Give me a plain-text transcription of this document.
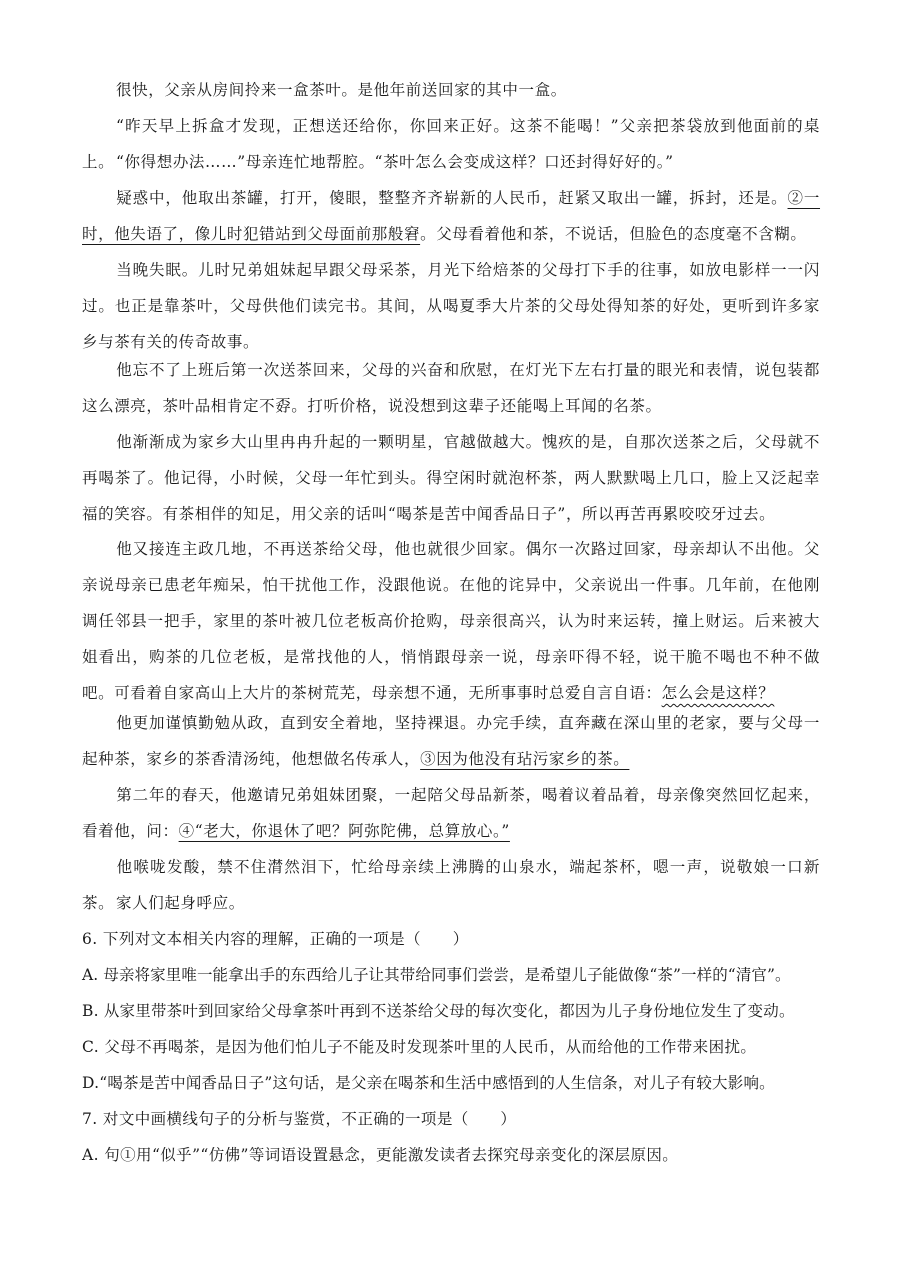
很快，父亲从房间拎来一盒茶叶。是他年前送回家的其中一盒。

“昨天早上拆盒才发现，正想送还给你，你回来正好。这茶不能喝！”父亲把茶袋放到他面前的桌上。 “你得想办法……”母亲连忙地帮腔。“茶叶怎么会变成这样？口还封得好好的。”

疑惑中，他取出茶罐，打开，傻眼，整整齐齐崭新的人民币，赶紧又取出一罐，拆封，还是。②一时，他失语了，像儿时犯错站到父母面前那般窘。父母看着他和茶，不说话，但脸色的态度毫不含糊。

当晚失眠。儿时兄弟姐妹起早跟父母采茶，月光下给焙茶的父母打下手的往事，如放电影样一一闪过。也正是靠茶叶，父母供他们读完书。其间，从喝夏季大片茶的父母处得知茶的好处，更听到许多家乡与茶有关的传奇故事。

他忘不了上班后第一次送茶回来，父母的兴奋和欣慰，在灯光下左右打量的眼光和表情，说包装都这么漂亮，茶叶品相肯定不孬。打听价格，说没想到这辈子还能喝上耳闻的名茶。

他渐渐成为家乡大山里冉冉升起的一颗明星，官越做越大。愧疚的是，自那次送茶之后，父母就不再喝茶了。他记得，小时候，父母一年忙到头。得空闲时就泡杯茶，两人默默喝上几口，脸上又泛起幸福的笑容。有茶相伴的知足，用父亲的话叫“喝茶是苦中闻香品日子”，所以再苦再累咬咬牙过去。

他又接连主政几地，不再送茶给父母，他也就很少回家。偶尔一次路过回家，母亲却认不出他。父亲说母亲已患老年痴呆，怕干扰他工作，没跟他说。在他的诧异中，父亲说出一件事。几年前，在他刚调任邻县一把手，家里的茶叶被几位老板高价抢购，母亲很高兴，认为时来运转，撞上财运。后来被大姐看出，购茶的几位老板，是常找他的人，悄悄跟母亲一说，母亲吓得不轻，说干脆不喝也不种不做吧。可看着自家高山上大片的茶树荒芜，母亲想不通，无所事事时总爱自言自语：怎么会是这样？

他更加谨慎勤勉从政，直到安全着地，坚持裸退。办完手续，直奔藏在深山里的老家，要与父母一起种茶，家乡的茶香清汤纯，他想做名传承人，③因为他没有玷污家乡的茶。

第二年的春天，他邀请兄弟姐妹团聚，一起陪父母品新茶，喝着议着品着，母亲像突然回忆起来，看着他，问：④“老大，你退休了吧？阿弥陀佛，总算放心。”

他喉咙发酸，禁不住潸然泪下，忙给母亲续上沸腾的山泉水，端起茶杯，嗯一声，说敬娘一口新茶。 家人们起身呼应。

6. 下列对文本相关内容的理解，正确的一项是（　　）

A. 母亲将家里唯一能拿出手的东西给儿子让其带给同事们尝尝，是希望儿子能做像“茶”一样的“清官”。

B. 从家里带茶叶到回家给父母拿茶叶再到不送茶给父母的每次变化，都因为儿子身份地位发生了变动。

C. 父母不再喝茶，是因为他们怕儿子不能及时发现茶叶里的人民币，从而给他的工作带来困扰。

D.“喝茶是苦中闻香品日子”这句话，是父亲在喝茶和生活中感悟到的人生信条，对儿子有较大影响。

7. 对文中画横线句子的分析与鉴赏，不正确的一项是（　　）

A. 句①用“似乎”“仿佛”等词语设置悬念，更能激发读者去探究母亲变化的深层原因。
